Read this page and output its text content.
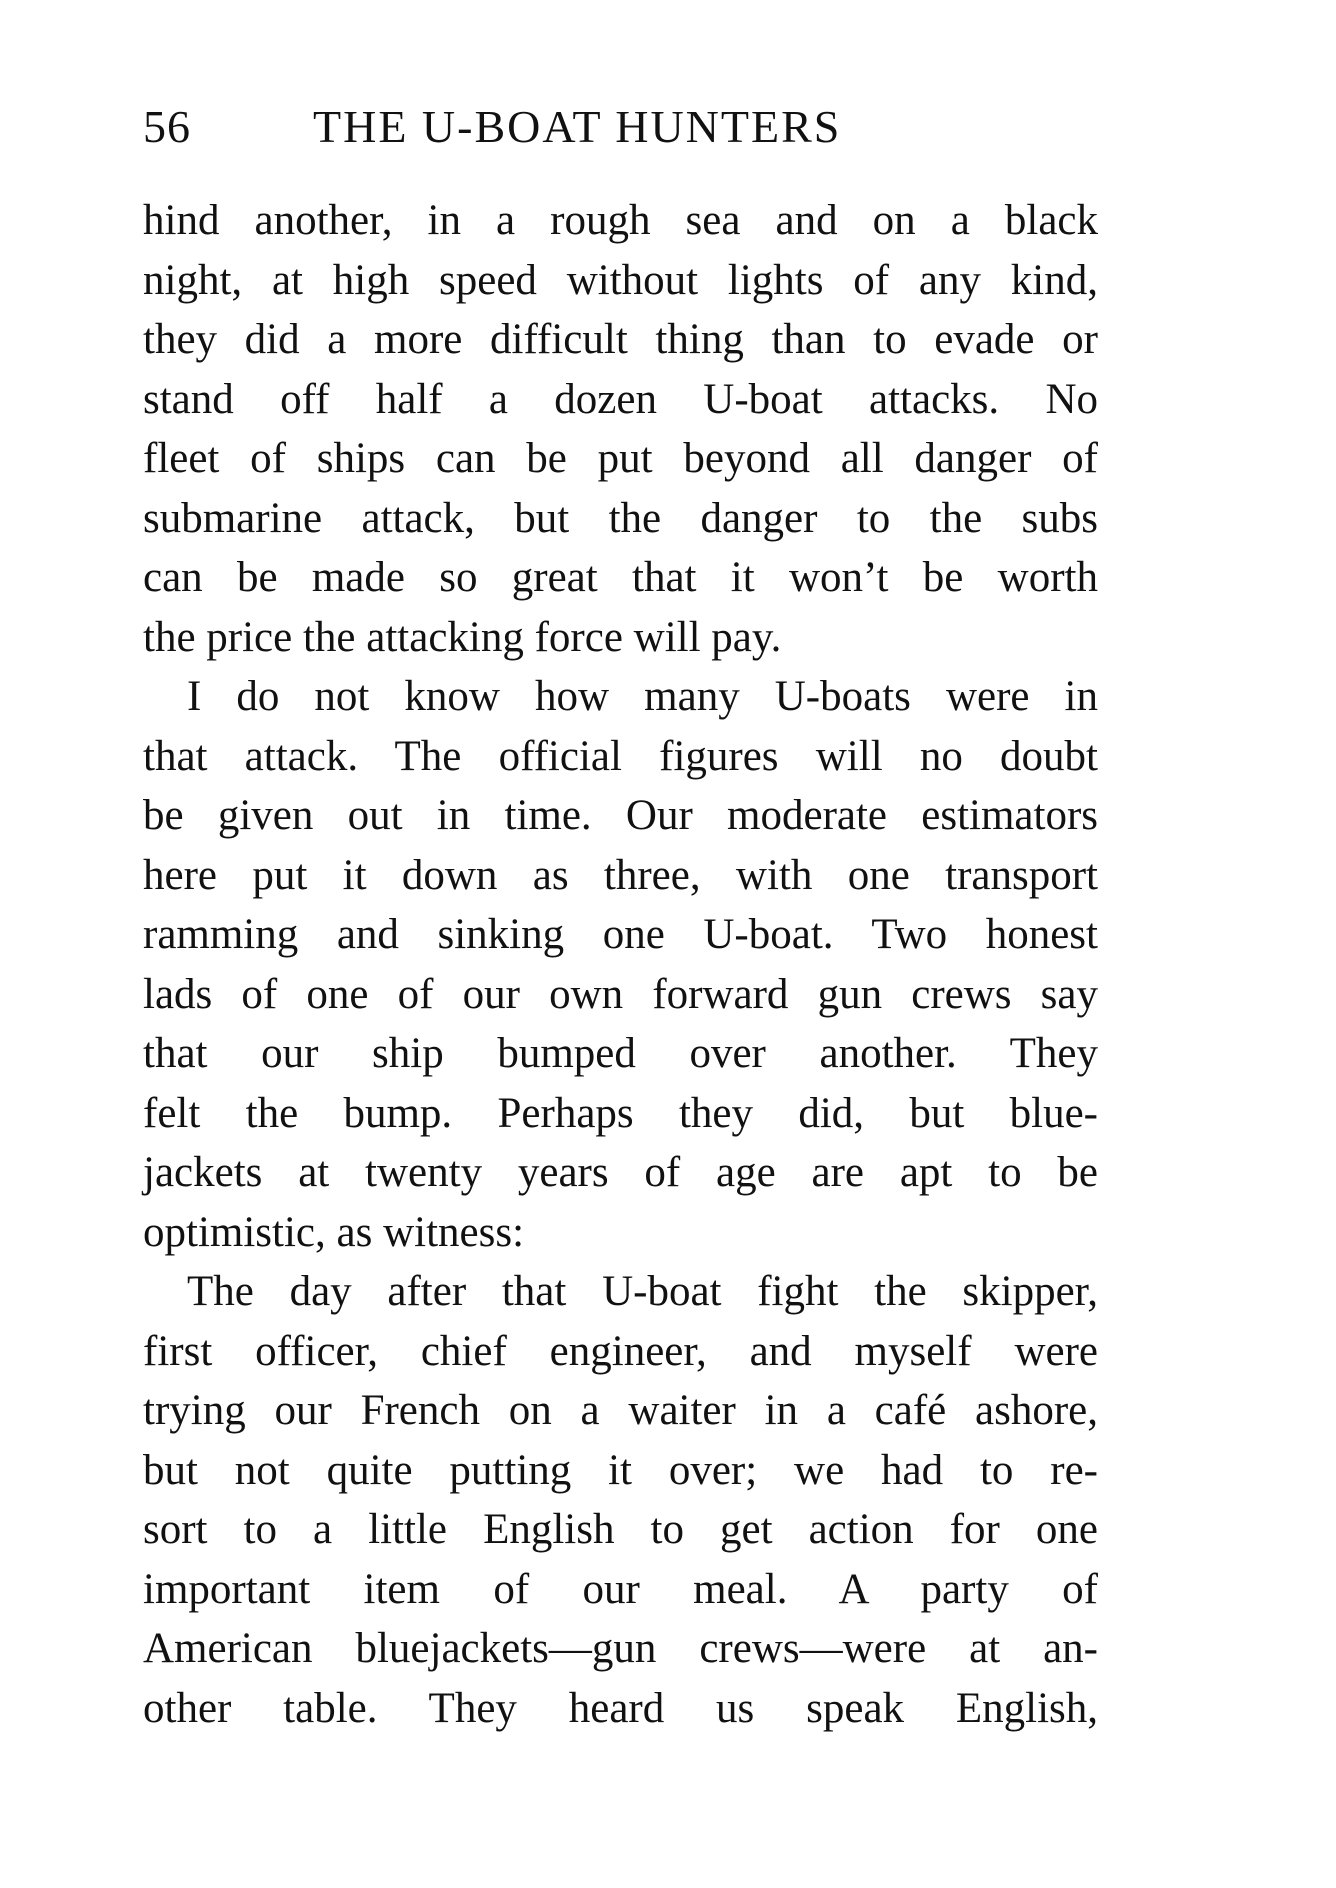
56	THE U-BOAT HUNTERS
hind another, in a rough sea and on a black
night, at high speed without lights of any kind,
they did a more difficult thing than to evade or
stand off half a dozen U-boat attacks. No
fleet of ships can be put beyond all danger of
submarine attack, but the danger to the subs
can be made so great that it won’t be worth
the price the attacking force will pay.
I do not know how many U-boats were in
that attack. The official figures will no doubt
be given out in time. Our moderate estimators
here put it down as three, with one transport
ramming and sinking one U-boat. Two honest
lads of one of our own forward gun crews say
that our ship bumped over another. They
felt the bump. Perhaps they did, but blue-
jackets at twenty years of age are apt to be
optimistic, as witness:
The day after that U-boat fight the skipper,
first officer, chief engineer, and myself were
trying our French on a waiter in a café ashore,
but not quite putting it over; we had to re-
sort to a little English to get action for one
important item of our meal. A party of
American bluejackets—gun crews—were at an-
other table. They heard us speak English,
